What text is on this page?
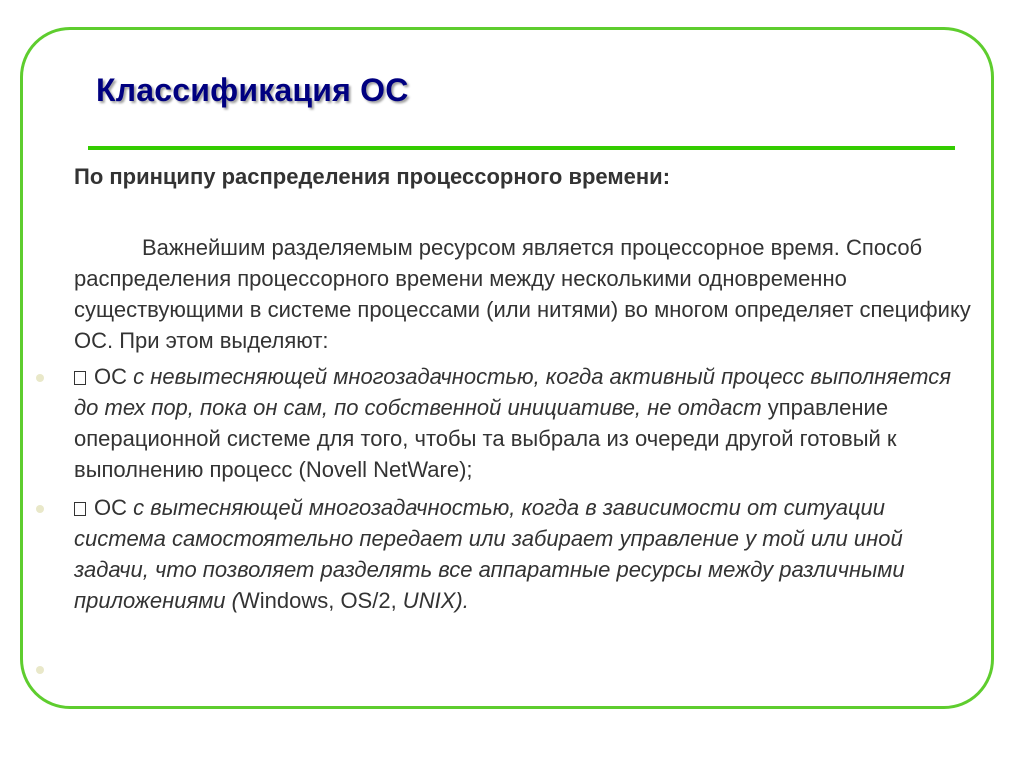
Классификация ОС

По принципу распределения процессорного времени:

Важнейшим разделяемым ресурсом является процессорное время. Способ распределения процессорного времени между несколькими одновременно существующими в системе процессами (или нитями) во многом определяет специфику ОС. При этом выделяют:

ОС с невытесняющей многозадачностью, когда активный процесс выполняется до тех пор, пока он сам, по собственной инициативе, не отдаст управление операционной системе для того, чтобы та выбрала из очереди другой готовый к выполнению процесс (Novell NetWare);
ОС с вытесняющей многозадачностью, когда в зависимости от ситуации система самостоятельно передает или забирает управление у той или иной задачи, что позволяет разделять все аппаратные ресурсы между различными приложениями (Windows, OS/2, UNIX).
